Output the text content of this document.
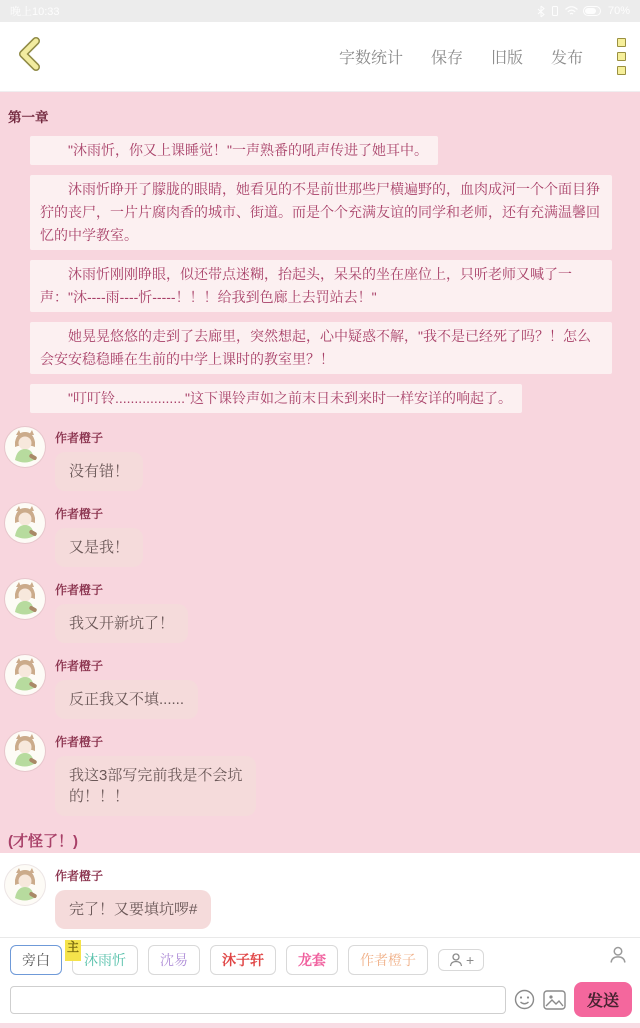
晚上10:33	70%
字数统计 保存 旧版 发布
第一章
"沐雨忻，你又上课睡觉！"一声熟番的吼声传进了她耳中。
沐雨忻睁开了朦胧的眼睛，她看见的不是前世那些尸横遍野的，血肉成河一个个面目狰狞的丧尸，一片片腐肉香的城市、街道。而是个个充满友谊的同学和老师，还有充满温馨回忆的中学教室。
沐雨忻刚刚睁眼，似还带点迷糊，抬起头，呆呆的坐在座位上，只听老师又喊了一声："沐----雨----忻-----！！！给我到色廊上去罚站去！"
她晃晃悠悠的走到了去廊里，突然想起，心中疑惑不解，"我不是已经死了吗？！怎么会安安稳稳睡在生前的中学上课时的教室里？！
"叮叮铃.................."这下课铃声如之前末日未到来时一样安详的响起了。
作者橙子
没有错！
作者橙子
又是我！
作者橙子
我又开新坑了！
作者橙子
反正我又不填......
作者橙子
我这3部写完前我是不会坑
的！！！
(才怪了！)
作者橙子
完了！又要填坑啰#
旁白
主
沐雨忻	沈易	沐子轩	龙套	作者橙子	+
发送
